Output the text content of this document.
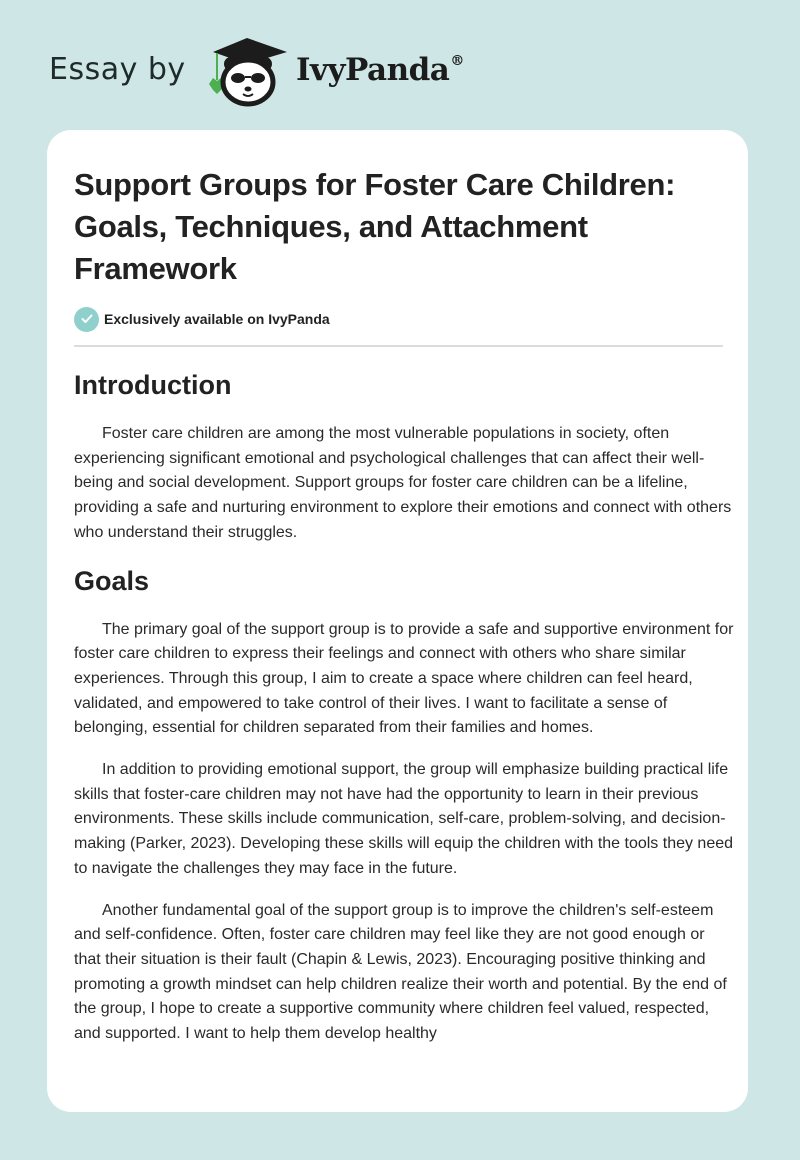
Essay by	IvyPanda®
Support Groups for Foster Care Children: Goals, Techniques, and Attachment Framework
Exclusively available on IvyPanda
Introduction

Foster care children are among the most vulnerable populations in society, often experiencing significant emotional and psychological challenges that can affect their well-being and social development. Support groups for foster care children can be a lifeline, providing a safe and nurturing environment to explore their emotions and connect with others who understand their struggles.

Goals

The primary goal of the support group is to provide a safe and supportive environment for foster care children to express their feelings and connect with others who share similar experiences. Through this group, I aim to create a space where children can feel heard, validated, and empowered to take control of their lives. I want to facilitate a sense of belonging, essential for children separated from their families and homes.

In addition to providing emotional support, the group will emphasize building practical life skills that foster-care children may not have had the opportunity to learn in their previous environments. These skills include communication, self-care, problem-solving, and decision-making (Parker, 2023). Developing these skills will equip the children with the tools they need to navigate the challenges they may face in the future.

Another fundamental goal of the support group is to improve the children's self-esteem and self-confidence. Often, foster care children may feel like they are not good enough or that their situation is their fault (Chapin & Lewis, 2023). Encouraging positive thinking and promoting a growth mindset can help children realize their worth and potential. By the end of the group, I hope to create a supportive community where children feel valued, respected, and supported. I want to help them develop healthy
